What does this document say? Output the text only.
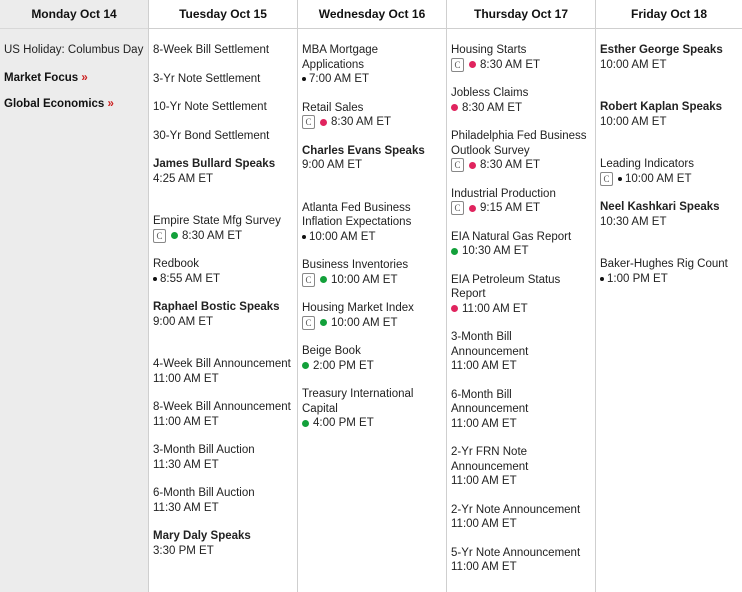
Monday Oct 14
US Holiday: Columbus Day
Market Focus »
Global Economics »
Tuesday Oct 15
8-Week Bill Settlement
3-Yr Note Settlement
10-Yr Note Settlement
30-Yr Bond Settlement
James Bullard Speaks
4:25 AM ET
Empire State Mfg Survey
C	8:30 AM ET
Redbook
8:55 AM ET
Raphael Bostic Speaks
9:00 AM ET
4-Week Bill Announcement
11:00 AM ET
8-Week Bill Announcement
11:00 AM ET
3-Month Bill Auction
11:30 AM ET
6-Month Bill Auction
11:30 AM ET
Mary Daly Speaks
3:30 PM ET
Wednesday Oct 16
MBA Mortgage Applications
7:00 AM ET
Retail Sales
C	8:30 AM ET
Charles Evans Speaks
9:00 AM ET
Atlanta Fed Business Inflation Expectations
10:00 AM ET
Business Inventories
C	10:00 AM ET
Housing Market Index
C	10:00 AM ET
Beige Book
2:00 PM ET
Treasury International Capital
4:00 PM ET
Thursday Oct 17
Housing Starts
C	8:30 AM ET
Jobless Claims
8:30 AM ET
Philadelphia Fed Business Outlook Survey
C	8:30 AM ET
Industrial Production
C	9:15 AM ET
EIA Natural Gas Report
10:30 AM ET
EIA Petroleum Status Report
11:00 AM ET
3-Month Bill Announcement
11:00 AM ET
6-Month Bill Announcement
11:00 AM ET
2-Yr FRN Note Announcement
11:00 AM ET
2-Yr Note Announcement
11:00 AM ET
5-Yr Note Announcement
11:00 AM ET
Friday Oct 18
Esther George Speaks
10:00 AM ET
Robert Kaplan Speaks
10:00 AM ET
Leading Indicators
C	10:00 AM ET
Neel Kashkari Speaks
10:30 AM ET
Baker-Hughes Rig Count
1:00 PM ET
